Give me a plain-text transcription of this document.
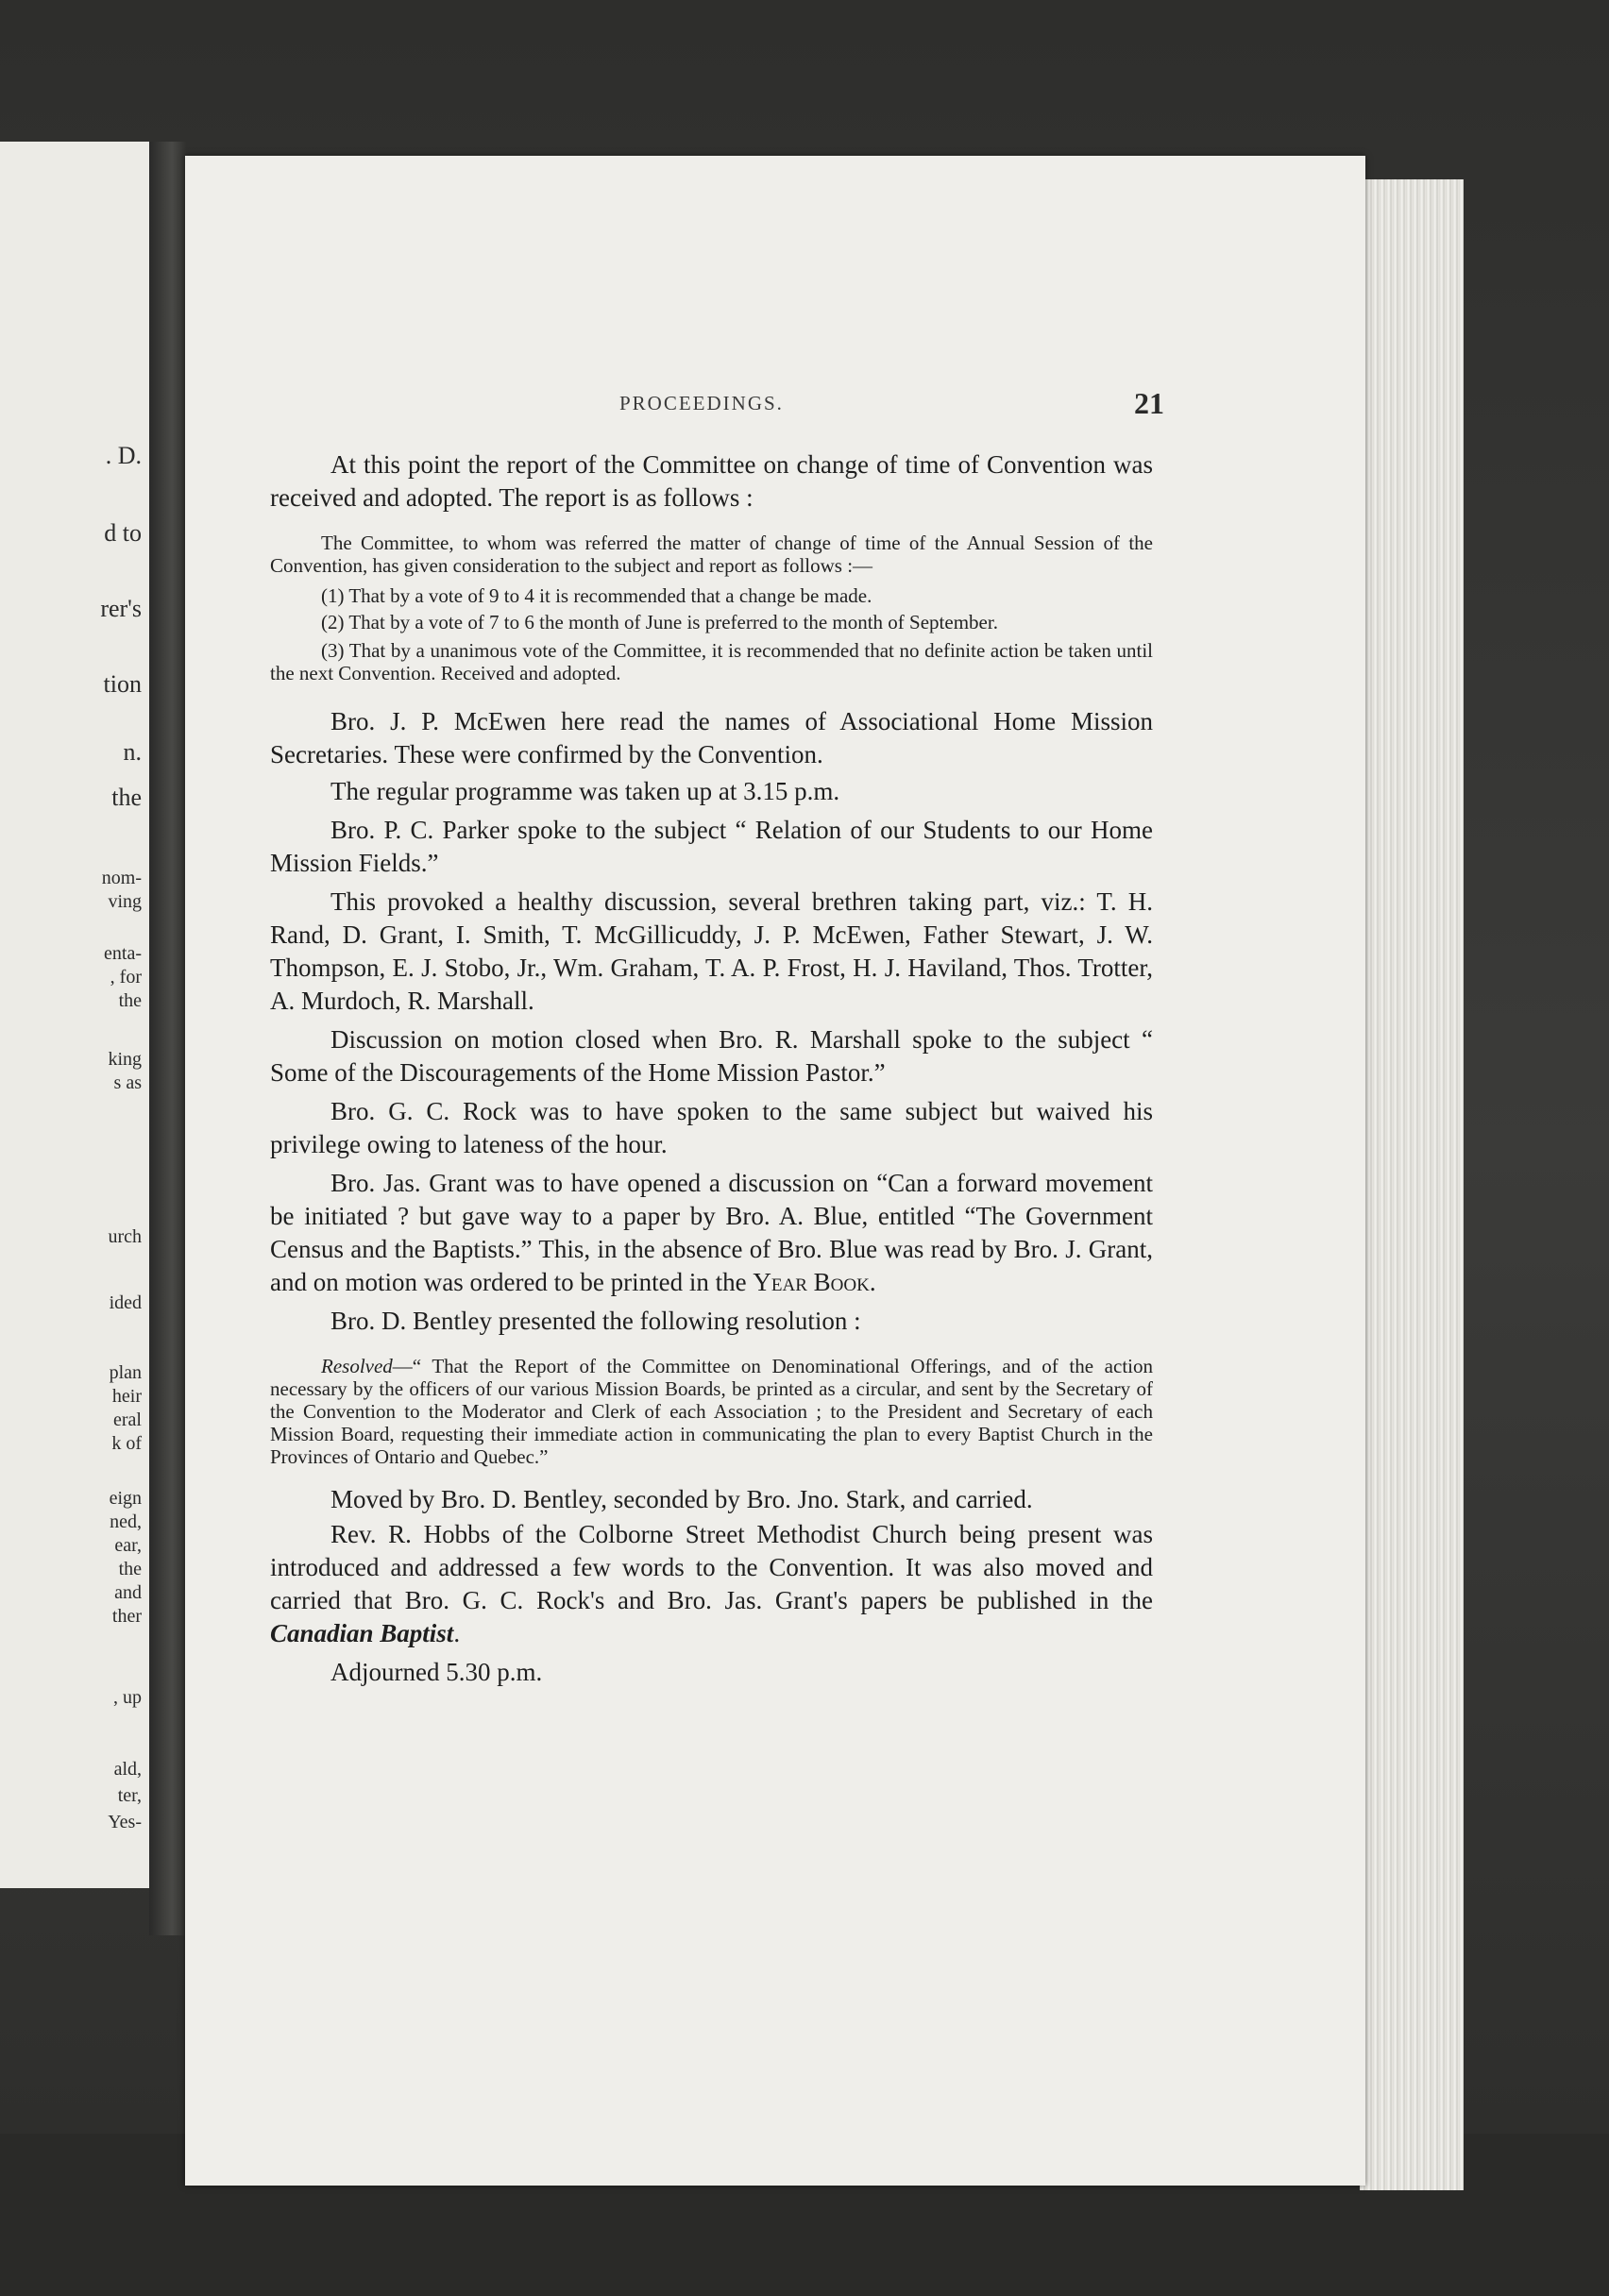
. D.
d to
rer's
tion
n.
the
nom-
ving
enta-
, for
the
king
s as
urch
ided
plan
heir
eral
k of
eign
ned,
ear,
the
and
ther
, up
ald,
ter,
Yes-
PROCEEDINGS.	21

At this point the report of the Committee on change of time of Convention was received and adopted. The report is as follows :

The Committee, to whom was referred the matter of change of time of the Annual Session of the Convention, has given consideration to the subject and report as follows :—

(1) That by a vote of 9 to 4 it is recommended that a change be made.

(2) That by a vote of 7 to 6 the month of June is preferred to the month of September.

(3) That by a unanimous vote of the Committee, it is recommended that no definite action be taken until the next Convention. Received and adopted.

Bro. J. P. McEwen here read the names of Associational Home Mission Secretaries. These were confirmed by the Convention.

The regular programme was taken up at 3.15 p.m.

Bro. P. C. Parker spoke to the subject “ Relation of our Students to our Home Mission Fields.”

This provoked a healthy discussion, several brethren taking part, viz.: T. H. Rand, D. Grant, I. Smith, T. McGillicuddy, J. P. McEwen, Father Stewart, J. W. Thompson, E. J. Stobo, Jr., Wm. Graham, T. A. P. Frost, H. J. Haviland, Thos. Trotter, A. Murdoch, R. Marshall.

Discussion on motion closed when Bro. R. Marshall spoke to the subject “ Some of the Discouragements of the Home Mission Pastor.”

Bro. G. C. Rock was to have spoken to the same subject but waived his privilege owing to lateness of the hour.

Bro. Jas. Grant was to have opened a discussion on “Can a forward movement be initiated ? but gave way to a paper by Bro. A. Blue, entitled “The Government Census and the Baptists.” This, in the absence of Bro. Blue was read by Bro. J. Grant, and on motion was ordered to be printed in the Year Book.

Bro. D. Bentley presented the following resolution :

Resolved—“ That the Report of the Committee on Denominational Offerings, and of the action necessary by the officers of our various Mission Boards, be printed as a circular, and sent by the Secretary of the Convention to the Moderator and Clerk of each Association ; to the President and Secretary of each Mission Board, requesting their immediate action in communicating the plan to every Baptist Church in the Provinces of Ontario and Quebec.”

Moved by Bro. D. Bentley, seconded by Bro. Jno. Stark, and carried.

Rev. R. Hobbs of the Colborne Street Methodist Church being present was introduced and addressed a few words to the Convention. It was also moved and carried that Bro. G. C. Rock's and Bro. Jas. Grant's papers be published in the Canadian Baptist.

Adjourned 5.30 p.m.
